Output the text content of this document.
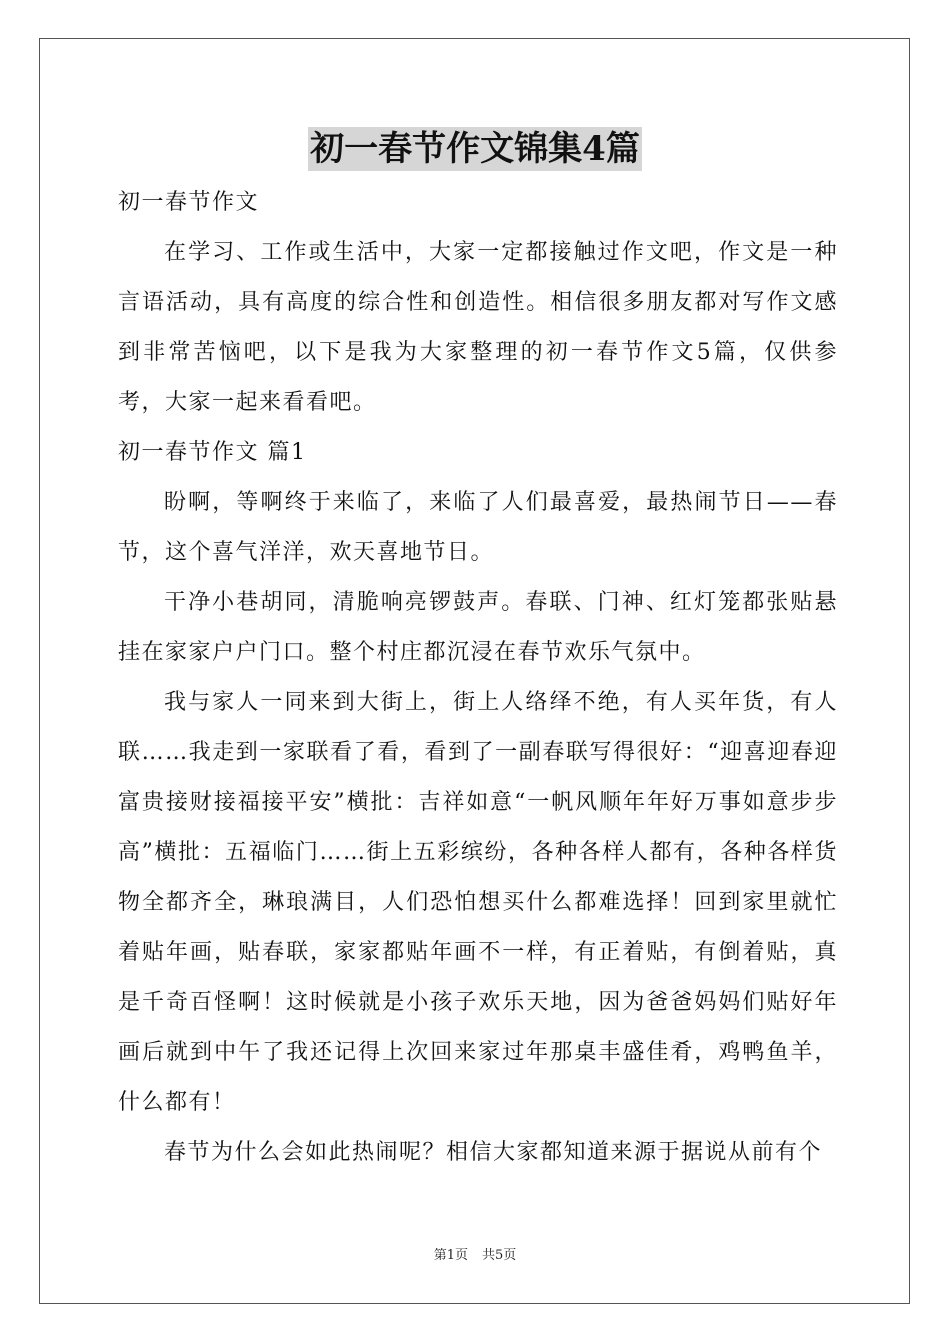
初一春节作文锦集4篇

初一春节作文

在学习、工作或生活中，大家一定都接触过作文吧，作文是一种言语活动，具有高度的综合性和创造性。相信很多朋友都对写作文感到非常苦恼吧，以下是我为大家整理的初一春节作文5篇，仅供参考，大家一起来看看吧。

初一春节作文 篇1

盼啊，等啊终于来临了，来临了人们最喜爱，最热闹节日——春节，这个喜气洋洋，欢天喜地节日。

干净小巷胡同，清脆响亮锣鼓声。春联、门神、红灯笼都张贴悬挂在家家户户门口。整个村庄都沉浸在春节欢乐气氛中。

我与家人一同来到大街上，街上人络绎不绝，有人买年货，有人联……我走到一家联看了看，看到了一副春联写得很好：“迎喜迎春迎富贵接财接福接平安”横批：吉祥如意“一帆风顺年年好万事如意步步高”横批：五福临门……街上五彩缤纷，各种各样人都有，各种各样货物全都齐全，琳琅满目，人们恐怕想买什么都难选择！回到家里就忙着贴年画，贴春联，家家都贴年画不一样，有正着贴，有倒着贴，真是千奇百怪啊！这时候就是小孩子欢乐天地，因为爸爸妈妈们贴好年画后就到中午了我还记得上次回来家过年那桌丰盛佳肴，鸡鸭鱼羊，什么都有！

春节为什么会如此热闹呢？相信大家都知道来源于据说从前有个

第1页 共5页
